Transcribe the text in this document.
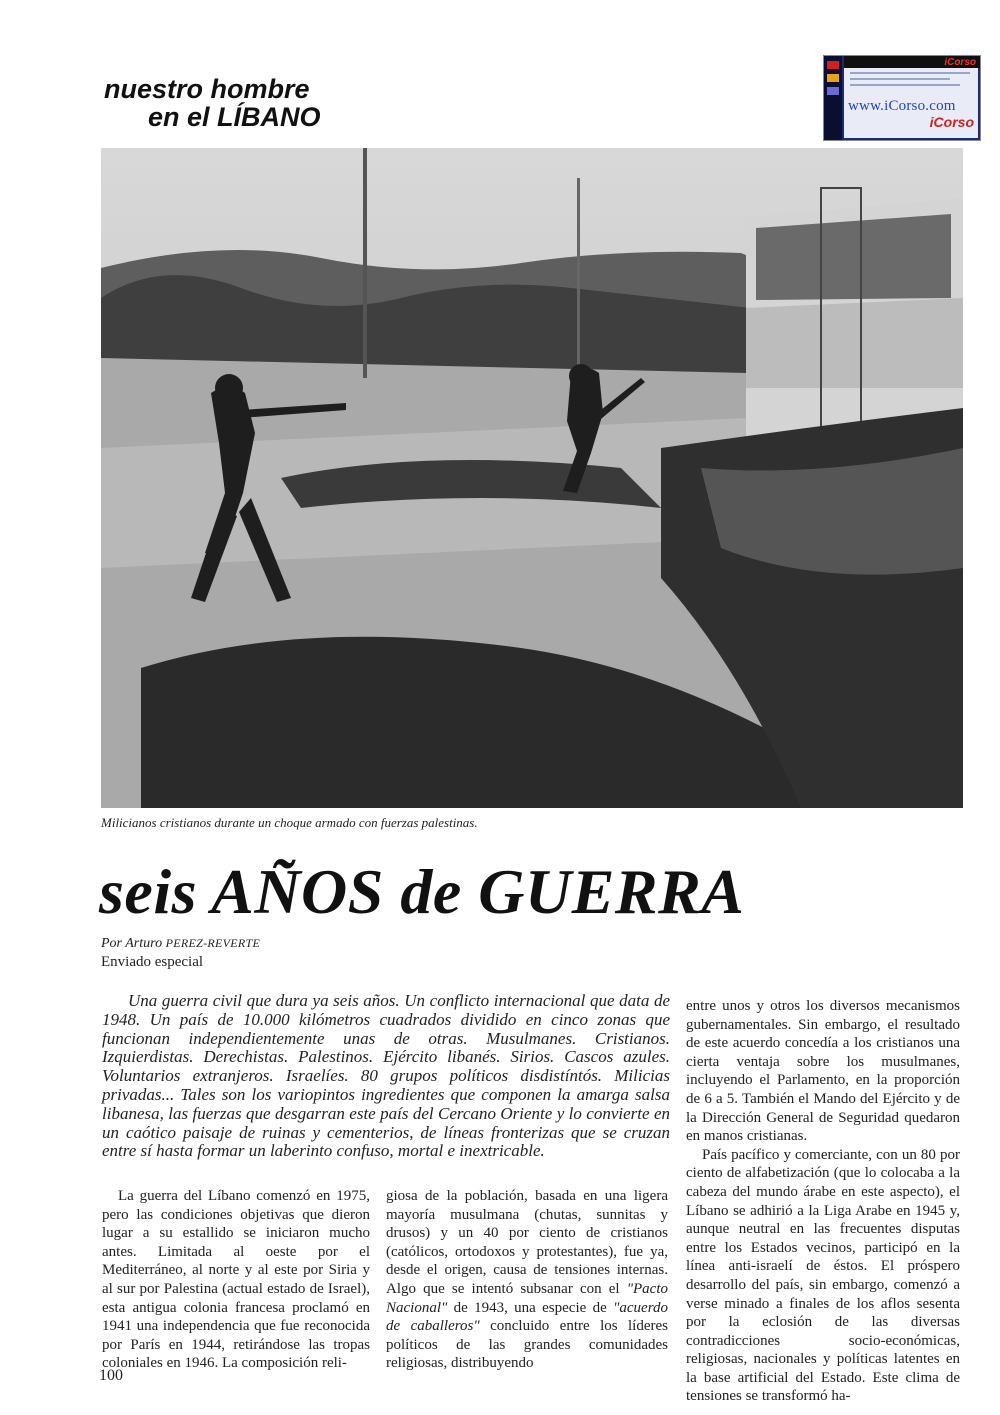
nuestro hombre
en el LÍBANO
iCorso
www.iCorso.com
iCorso
Milicianos cristianos durante un choque armado con fuerzas palestinas.
seis AÑOS de GUERRA
Por Arturo PEREZ-REVERTE
Enviado especial
Una guerra civil que dura ya seis años. Un conflicto internacional que data de 1948. Un país de 10.000 kilómetros cuadrados dividido en cinco zonas que funcionan independientemente unas de otras. Musulmanes. Cristianos. Izquierdistas. Derechistas. Palestinos. Ejército libanés. Sirios. Cascos azules. Voluntarios extranjeros. Israelíes. 80 grupos políticos disdistíntós. Milicias privadas... Tales son los variopintos ingredientes que componen la amarga salsa libanesa, las fuerzas que desgarran este país del Cercano Oriente y lo convierte en un caótico paisaje de ruinas y cementerios, de líneas fronterizas que se cruzan entre sí hasta formar un laberinto confuso, mortal e inextricable.
La guerra del Líbano comenzó en 1975, pero las condiciones objetivas que dieron lugar a su estallido se iniciaron mucho antes. Limitada al oeste por el Mediterráneo, al norte y al este por Siria y al sur por Palestina (actual estado de Israel), esta antigua colonia francesa proclamó en 1941 una independencia que fue reconocida por París en 1944, retirándose las tropas coloniales en 1946. La composición reli-
giosa de la población, basada en una ligera mayoría musulmana (chutas, sunnitas y drusos) y un 40 por ciento de cristianos (católicos, ortodoxos y protestantes), fue ya, desde el origen, causa de tensiones internas. Algo que se intentó subsanar con el "Pacto Nacional" de 1943, una especie de "acuerdo de caballeros" concluido entre los líderes políticos de las grandes comunidades religiosas, distribuyendo

entre unos y otros los diversos mecanismos gubernamentales. Sin embargo, el resultado de este acuerdo concedía a los cristianos una cierta ventaja sobre los musulmanes, incluyendo el Parlamento, en la proporción de 6 a 5. También el Mando del Ejército y de la Dirección General de Seguridad quedaron en manos cristianas.

País pacífico y comerciante, con un 80 por ciento de alfabetización (que lo colocaba a la cabeza del mundo árabe en este aspecto), el Líbano se adhirió a la Liga Arabe en 1945 y, aunque neutral en las frecuentes disputas entre los Estados vecinos, participó en la línea anti-israelí de éstos. El próspero desarrollo del país, sin embargo, comenzó a verse minado a finales de los aflos sesenta por la eclosión de las diversas contradicciones socio-económicas, religiosas, nacionales y políticas latentes en la base artificial del Estado. Este clima de tensiones se transformó ha-

100
